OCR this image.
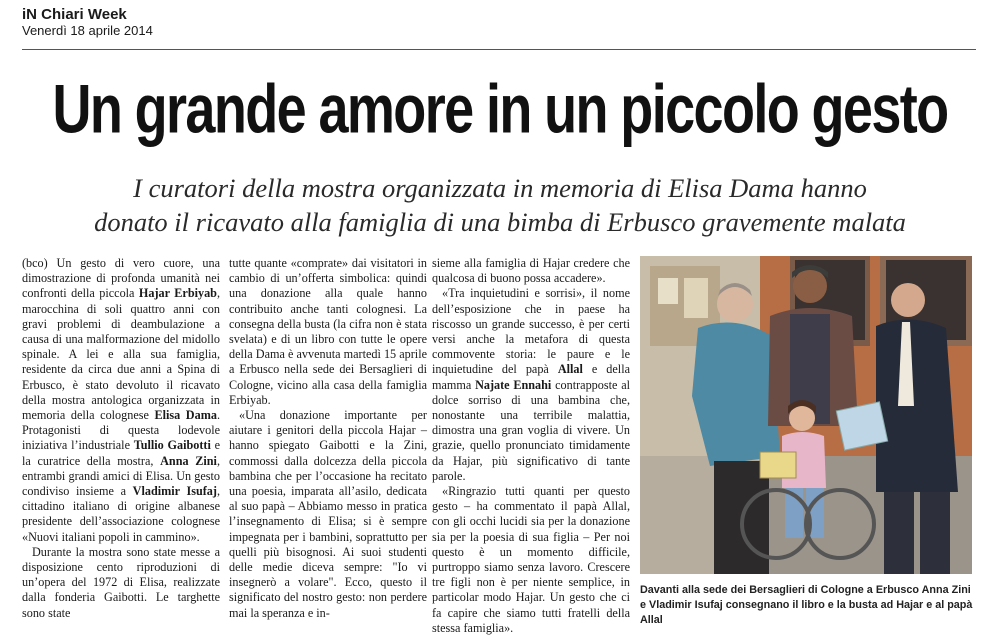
iN Chiari Week
Venerdì 18 aprile 2014
Un grande amore in un piccolo gesto
I curatori della mostra organizzata in memoria di Elisa Dama hanno
donato il ricavato alla famiglia di una bimba di Erbusco gravemente malata

(bco) Un gesto di vero cuore, una dimostrazione di profonda umanità nei confronti della piccola Hajar Erbiyab, marocchina di soli quattro anni con gravi problemi di deambulazione a causa di una malformazione del midollo spinale. A lei e alla sua famiglia, residente da circa due anni a Spina di Erbusco, è stato devoluto il ricavato della mostra antologica organizzata in memoria della colognese Elisa Dama. Protagonisti di questa lodevole iniziativa l’industriale Tullio Gaibotti e la curatrice della mostra, Anna Zini, entrambi grandi amici di Elisa. Un gesto condiviso insieme a Vladimir Isufaj, cittadino italiano di origine albanese presidente dell’associazione colognese «Nuovi italiani popoli in cammino».

Durante la mostra sono state messe a disposizione cento riproduzioni di un’opera del 1972 di Elisa, realizzate dalla fonderia Gaibotti. Le targhette sono state

tutte quante «comprate» dai visitatori in cambio di un’offerta simbolica: quindi una donazione alla quale hanno contribuito anche tanti colognesi. La consegna della busta (la cifra non è stata svelata) e di un libro con tutte le opere della Dama è avvenuta martedì 15 aprile a Erbusco nella sede dei Bersaglieri di Cologne, vicino alla casa della famiglia Erbiyab.

«Una donazione importante per aiutare i genitori della piccola Hajar – hanno spiegato Gaibotti e la Zini, commossi dalla dolcezza della piccola bambina che per l’occasione ha recitato una poesia, imparata all’asilo, dedicata al suo papà – Abbiamo messo in pratica l’insegnamento di Elisa; si è sempre impegnata per i bambini, soprattutto per quelli più bisognosi. Ai suoi studenti delle medie diceva sempre: "Io vi insegnerò a volare". Ecco, questo il significato del nostro gesto: non perdere mai la speranza e in-

sieme alla famiglia di Hajar credere che qualcosa di buono possa accadere».

«Tra inquietudini e sorrisi», il nome dell’esposizione che in paese ha riscosso un grande successo, è per certi versi anche la metafora di questa commovente storia: le paure e le inquietudine del papà Allal e della mamma Najate Ennahi contrapposte al dolce sorriso di una bambina che, nonostante una terribile malattia, dimostra una gran voglia di vivere. Un grazie, quello pronunciato timidamente da Hajar, più significativo di tante parole.

«Ringrazio tutti quanti per questo gesto – ha commentato il papà Allal, con gli occhi lucidi sia per la donazione sia per la poesia di sua figlia – Per noi questo è un momento difficile, purtroppo siamo senza lavoro. Crescere tre figli non è per niente semplice, in particolar modo Hajar. Un gesto che ci fa capire che siamo tutti fratelli della stessa famiglia».

Davanti alla sede dei Bersaglieri di Cologne a Erbusco Anna Zini e Vladimir Isufaj consegnano il libro e la busta ad Hajar e al papà Allal
